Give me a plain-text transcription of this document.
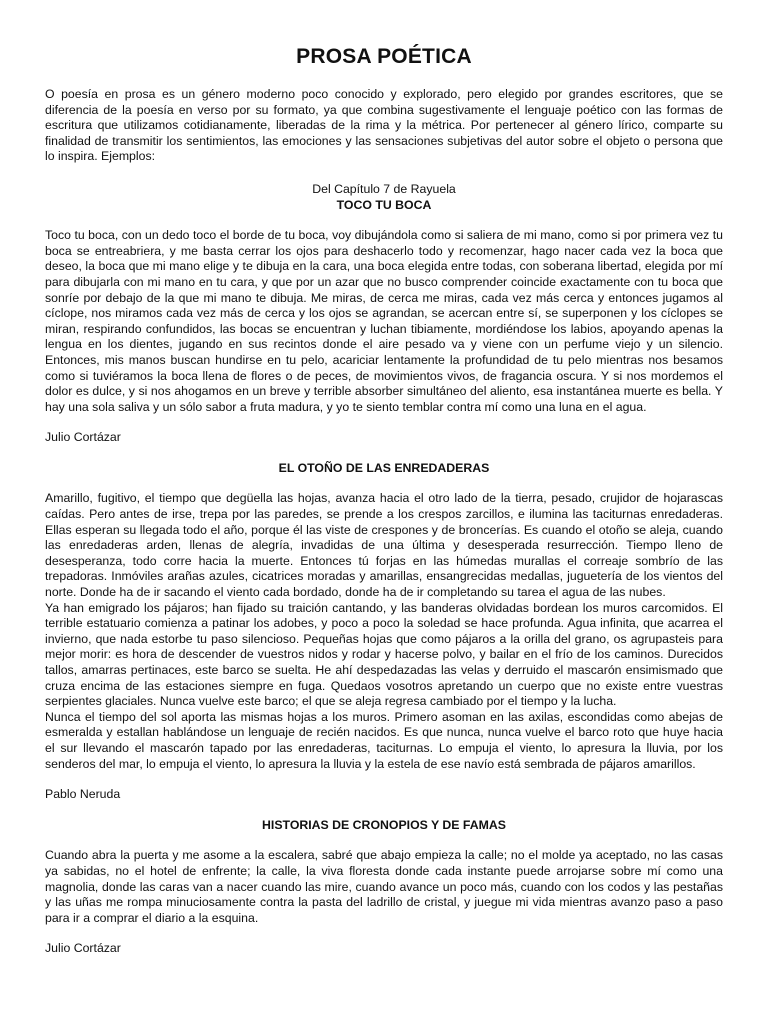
PROSA POÉTICA

O poesía en prosa es un género moderno poco conocido y explorado, pero elegido por grandes escritores, que se diferencia de la poesía en verso por su formato, ya que combina sugestivamente el lenguaje poético con las formas de escritura que utilizamos cotidianamente, liberadas de la rima y la métrica. Por pertenecer al género lírico, comparte su finalidad de transmitir los sentimientos, las emociones y las sensaciones subjetivas del autor sobre el objeto o persona que lo inspira. Ejemplos:

Del Capítulo 7 de Rayuela

TOCO TU BOCA

Toco tu boca, con un dedo toco el borde de tu boca, voy dibujándola como si saliera de mi mano, como si por primera vez tu boca se entreabriera, y me basta cerrar los ojos para deshacerlo todo y recomenzar, hago nacer cada vez la boca que deseo, la boca que mi mano elige y te dibuja en la cara, una boca elegida entre todas, con soberana libertad, elegida por mí para dibujarla con mi mano en tu cara, y que por un azar que no busco comprender coincide exactamente con tu boca que sonríe por debajo de la que mi mano te dibuja. Me miras, de cerca me miras, cada vez más cerca y entonces jugamos al cíclope, nos miramos cada vez más de cerca y los ojos se agrandan, se acercan entre sí, se superponen y los cíclopes se miran, respirando confundidos, las bocas se encuentran y luchan tibiamente, mordiéndose los labios, apoyando apenas la lengua en los dientes, jugando en sus recintos donde el aire pesado va y viene con un perfume viejo y un silencio. Entonces, mis manos buscan hundirse en tu pelo, acariciar lentamente la profundidad de tu pelo mientras nos besamos como si tuviéramos la boca llena de flores o de peces, de movimientos vivos, de fragancia oscura. Y si nos mordemos el dolor es dulce, y si nos ahogamos en un breve y terrible absorber simultáneo del aliento, esa instantánea muerte es bella. Y hay una sola saliva y un sólo sabor a fruta madura, y yo te siento temblar contra mí como una luna en el agua.

Julio Cortázar

EL OTOÑO DE LAS ENREDADERAS

Amarillo, fugitivo, el tiempo que degüella las hojas, avanza hacia el otro lado de la tierra, pesado, crujidor de hojarascas caídas. Pero antes de irse, trepa por las paredes, se prende a los crespos zarcillos, e ilumina las taciturnas enredaderas. Ellas esperan su llegada todo el año, porque él las viste de crespones y de broncerías. Es cuando el otoño se aleja, cuando las enredaderas arden, llenas de alegría, invadidas de una última y desesperada resurrección. Tiempo lleno de desesperanza, todo corre hacia la muerte. Entonces tú forjas en las húmedas murallas el correaje sombrío de las trepadoras. Inmóviles arañas azules, cicatrices moradas y amarillas, ensangrecidas medallas, juguetería de los vientos del norte. Donde ha de ir sacando el viento cada bordado, donde ha de ir completando su tarea el agua de las nubes.

Ya han emigrado los pájaros; han fijado su traición cantando, y las banderas olvidadas bordean los muros carcomidos. El terrible estatuario comienza a patinar los adobes, y poco a poco la soledad se hace profunda. Agua infinita, que acarrea el invierno, que nada estorbe tu paso silencioso. Pequeñas hojas que como pájaros a la orilla del grano, os agrupasteis para mejor morir: es hora de descender de vuestros nidos y rodar y hacerse polvo, y bailar en el frío de los caminos. Durecidos tallos, amarras pertinaces, este barco se suelta. He ahí despedazadas las velas y derruido el mascarón ensimismado que cruza encima de las estaciones siempre en fuga. Quedaos vosotros apretando un cuerpo que no existe entre vuestras serpientes glaciales. Nunca vuelve este barco; el que se aleja regresa cambiado por el tiempo y la lucha.

Nunca el tiempo del sol aporta las mismas hojas a los muros. Primero asoman en las axilas, escondidas como abejas de esmeralda y estallan hablándose un lenguaje de recién nacidos. Es que nunca, nunca vuelve el barco roto que huye hacia el sur llevando el mascarón tapado por las enredaderas, taciturnas. Lo empuja el viento, lo apresura la lluvia, por los senderos del mar, lo empuja el viento, lo apresura la lluvia y la estela de ese navío está sembrada de pájaros amarillos.

Pablo Neruda

HISTORIAS DE CRONOPIOS Y DE FAMAS

Cuando abra la puerta y me asome a la escalera, sabré que abajo empieza la calle; no el molde ya aceptado, no las casas ya sabidas, no el hotel de enfrente; la calle, la viva floresta donde cada instante puede arrojarse sobre mí como una magnolia, donde las caras van a nacer cuando las mire, cuando avance un poco más, cuando con los codos y las pestañas y las uñas me rompa minuciosamente contra la pasta del ladrillo de cristal, y juegue mi vida mientras avanzo paso a paso para ir a comprar el diario a la esquina.

Julio Cortázar
